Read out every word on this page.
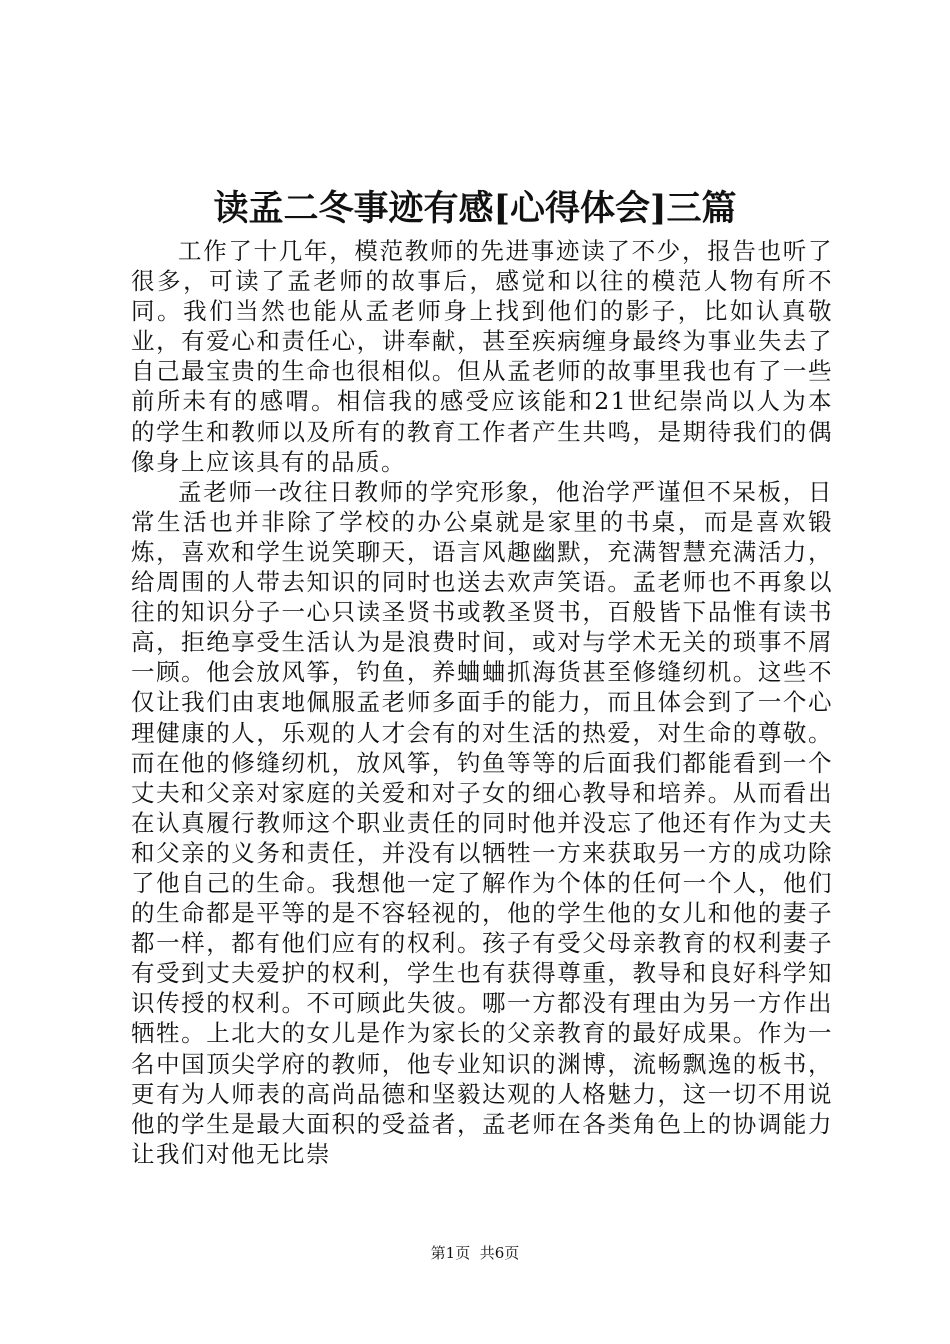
读孟二冬事迹有感[心得体会]三篇

工作了十几年，模范教师的先进事迹读了不少，报告也听了很多，可读了孟老师的故事后，感觉和以往的模范人物有所不同。我们当然也能从孟老师身上找到他们的影子，比如认真敬业，有爱心和责任心，讲奉献，甚至疾病缠身最终为事业失去了自己最宝贵的生命也很相似。但从孟老师的故事里我也有了一些前所未有的感喟。相信我的感受应该能和21世纪崇尚以人为本的学生和教师以及所有的教育工作者产生共鸣，是期待我们的偶像身上应该具有的品质。

孟老师一改往日教师的学究形象，他治学严谨但不呆板，日常生活也并非除了学校的办公桌就是家里的书桌，而是喜欢锻炼，喜欢和学生说笑聊天，语言风趣幽默，充满智慧充满活力，给周围的人带去知识的同时也送去欢声笑语。孟老师也不再象以往的知识分子一心只读圣贤书或教圣贤书，百般皆下品惟有读书高，拒绝享受生活认为是浪费时间，或对与学术无关的琐事不屑一顾。他会放风筝，钓鱼，养蛐蛐抓海货甚至修缝纫机。这些不仅让我们由衷地佩服孟老师多面手的能力，而且体会到了一个心理健康的人，乐观的人才会有的对生活的热爱，对生命的尊敬。而在他的修缝纫机，放风筝，钓鱼等等的后面我们都能看到一个丈夫和父亲对家庭的关爱和对子女的细心教导和培养。从而看出在认真履行教师这个职业责任的同时他并没忘了他还有作为丈夫和父亲的义务和责任，并没有以牺牲一方来获取另一方的成功除了他自己的生命。我想他一定了解作为个体的任何一个人，他们的生命都是平等的是不容轻视的，他的学生他的女儿和他的妻子都一样，都有他们应有的权利。孩子有受父母亲教育的权利妻子有受到丈夫爱护的权利，学生也有获得尊重，教导和良好科学知识传授的权利。不可顾此失彼。哪一方都没有理由为另一方作出牺牲。上北大的女儿是作为家长的父亲教育的最好成果。作为一名中国顶尖学府的教师，他专业知识的渊博，流畅飘逸的板书，更有为人师表的高尚品德和坚毅达观的人格魅力，这一切不用说他的学生是最大面积的受益者，孟老师在各类角色上的协调能力让我们对他无比崇

第1页 共6页
